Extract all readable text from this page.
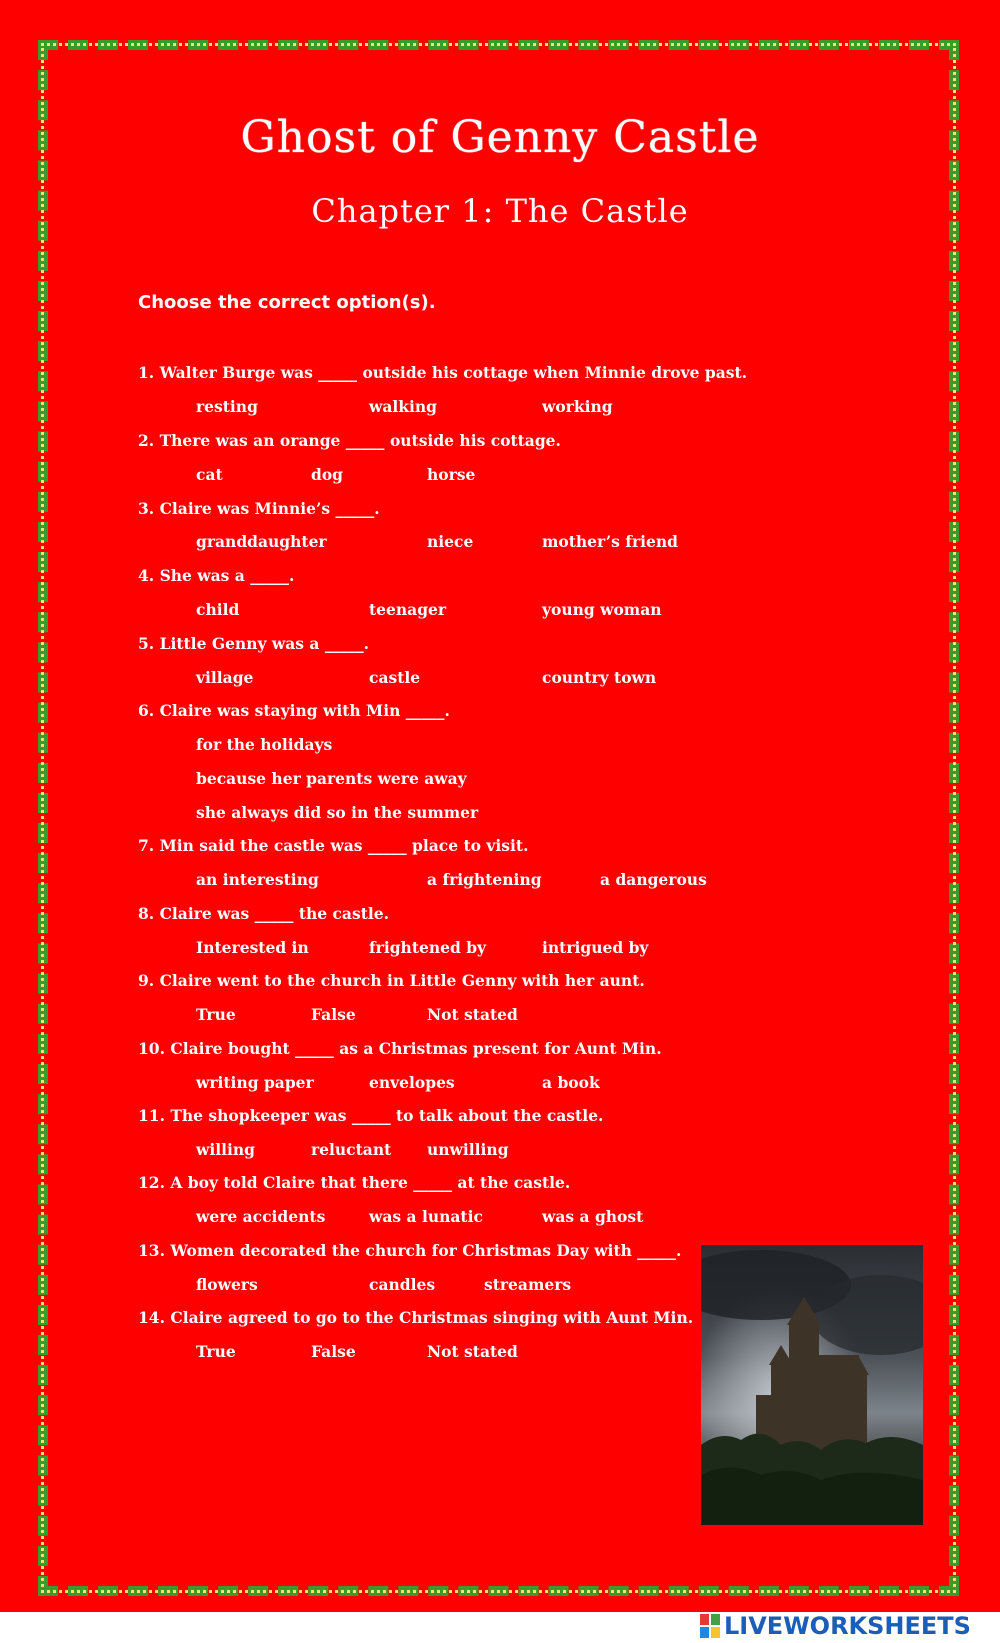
Ghost of Genny Castle
Chapter 1: The Castle
Choose the correct option(s).
1. Walter Burge was _____ outside his cottage when Minnie drove past.
resting	walking	working
2. There was an orange _____ outside his cottage.
cat	dog	horse
3. Claire was Minnie’s _____.
granddaughter	niece	mother’s friend
4. She was a _____.
child	teenager	young woman
5. Little Genny was a _____.
village	castle	country town
6. Claire was staying with Min _____.
for the holidays
because her parents were away
she always did so in the summer
7. Min said the castle was _____ place to visit.
an interesting	a frightening	a dangerous
8. Claire was _____ the castle.
Interested in	frightened by	intrigued by
9. Claire went to the church in Little Genny with her aunt.
True	False	Not stated
10. Claire bought _____ as a Christmas present for Aunt Min.
writing paper	envelopes	a book
11. The shopkeeper was _____ to talk about the castle.
willing	reluctant unwilling
12. A boy told Claire that there _____ at the castle.
were accidents	was a lunatic	was a ghost
13. Women decorated the church for Christmas Day with _____.
flowers	candles	streamers
14. Claire agreed to go to the Christmas singing with Aunt Min.
True	False	Not stated
LIVEWORKSHEETS
